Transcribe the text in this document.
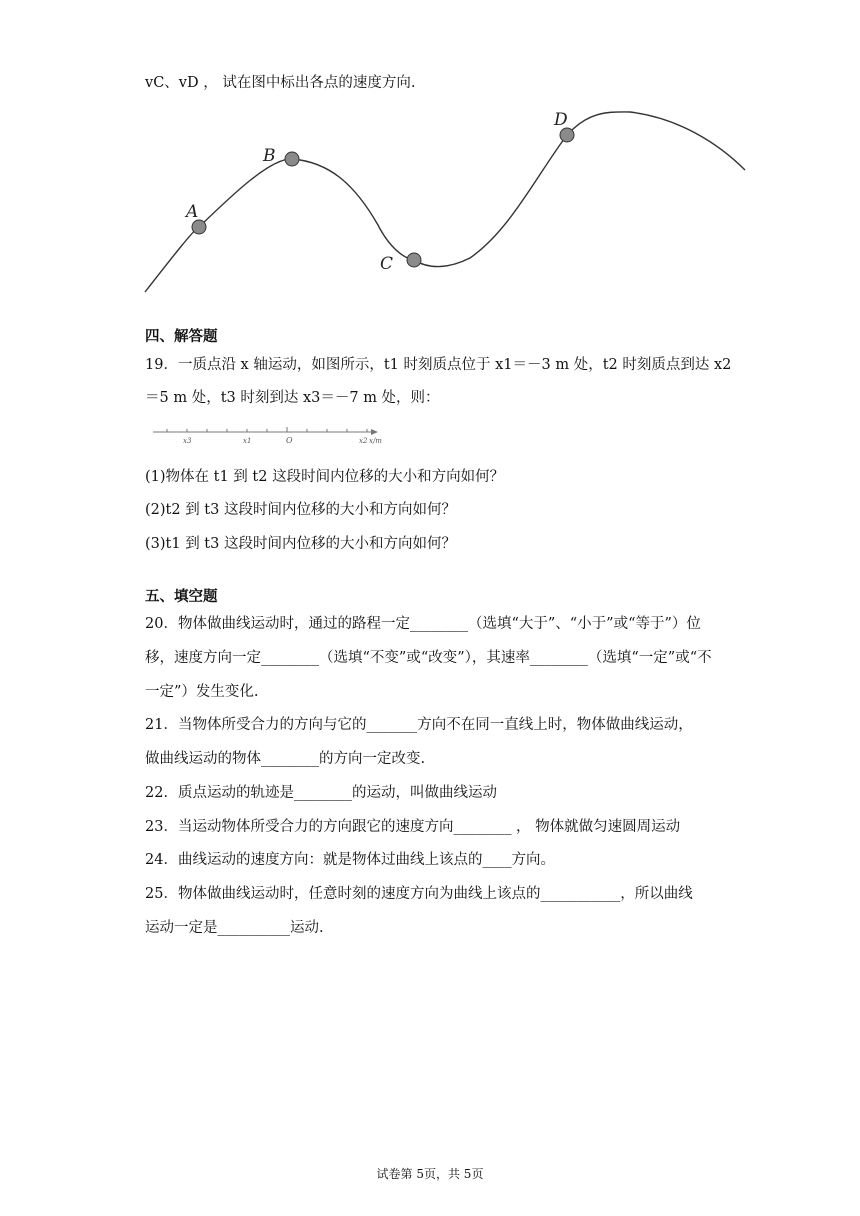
vC、vD ， 试在图中标出各点的速度方向.
A
B
C
D
四、解答题
19．一质点沿 x 轴运动，如图所示，t1 时刻质点位于 x1＝－3 m 处，t2 时刻质点到达 x2
＝5 m 处，t3 时刻到达 x3＝－7 m 处，则：
x3	x1	O	x2 x/m
(1)物体在 t1 到 t2 这段时间内位移的大小和方向如何？
(2)t2 到 t3 这段时间内位移的大小和方向如何？
(3)t1 到 t3 这段时间内位移的大小和方向如何？
五、填空题
20．物体做曲线运动时，通过的路程一定________（选填“大于”、“小于”或“等于”）位
移，速度方向一定________（选填“不变”或“改变”），其速率________（选填“一定”或“不
一定”）发生变化.
21．当物体所受合力的方向与它的_______方向不在同一直线上时，物体做曲线运动，
做曲线运动的物体________的方向一定改变.
22．质点运动的轨迹是________的运动，叫做曲线运动
23．当运动物体所受合力的方向跟它的速度方向________ ， 物体就做匀速圆周运动
24．曲线运动的速度方向：就是物体过曲线上该点的____方向。
25．物体做曲线运动时，任意时刻的速度方向为曲线上该点的___________，所以曲线
运动一定是__________运动.
试卷第 5页，共 5页
